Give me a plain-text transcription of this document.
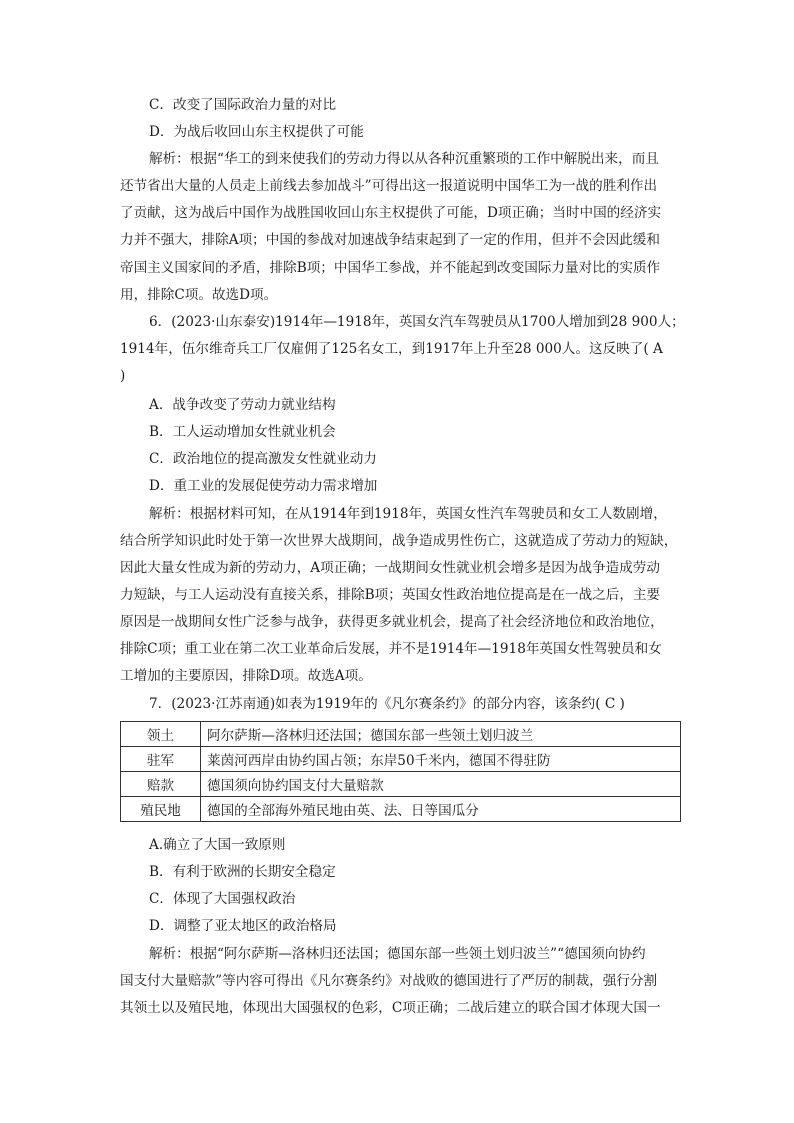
C．改变了国际政治力量的对比
D．为战后收回山东主权提供了可能
解析：根据“华工的到来使我们的劳动力得以从各种沉重繁琐的工作中解脱出来，而且
还节省出大量的人员走上前线去参加战斗”可得出这一报道说明中国华工为一战的胜利作出
了贡献，这为战后中国作为战胜国收回山东主权提供了可能，D项正确；当时中国的经济实
力并不强大，排除A项；中国的参战对加速战争结束起到了一定的作用，但并不会因此缓和
帝国主义国家间的矛盾，排除B项；中国华工参战，并不能起到改变国际力量对比的实质作
用，排除C项。故选D项。
6．(2023·山东泰安)1914年—1918年，英国女汽车驾驶员从1700人增加到28 900人；
1914年，伍尔维奇兵工厂仅雇佣了125名女工，到1917年上升至28 000人。这反映了( A
)
A．战争改变了劳动力就业结构
B．工人运动增加女性就业机会
C．政治地位的提高激发女性就业动力
D．重工业的发展促使劳动力需求增加
解析：根据材料可知，在从1914年到1918年，英国女性汽车驾驶员和女工人数剧增，
结合所学知识此时处于第一次世界大战期间，战争造成男性伤亡，这就造成了劳动力的短缺，
因此大量女性成为新的劳动力，A项正确；一战期间女性就业机会增多是因为战争造成劳动
力短缺，与工人运动没有直接关系，排除B项；英国女性政治地位提高是在一战之后，主要
原因是一战期间女性广泛参与战争，获得更多就业机会，提高了社会经济地位和政治地位，
排除C项；重工业在第二次工业革命后发展，并不是1914年—1918年英国女性驾驶员和女
工增加的主要原因，排除D项。故选A项。
7．(2023·江苏南通)如表为1919年的《凡尔赛条约》的部分内容，该条约( C )
领土	阿尔萨斯—洛林归还法国；德国东部一些领土划归波兰
驻军	莱茵河西岸由协约国占领；东岸50千米内，德国不得驻防
赔款	德国须向协约国支付大量赔款
殖民地	德国的全部海外殖民地由英、法、日等国瓜分
A.确立了大国一致原则
B．有利于欧洲的长期安全稳定
C．体现了大国强权政治
D．调整了亚太地区的政治格局
解析：根据“阿尔萨斯—洛林归还法国；德国东部一些领土划归波兰”“德国须向协约
国支付大量赔款”等内容可得出《凡尔赛条约》对战败的德国进行了严厉的制裁，强行分割
其领土以及殖民地，体现出大国强权的色彩，C项正确；二战后建立的联合国才体现大国一
